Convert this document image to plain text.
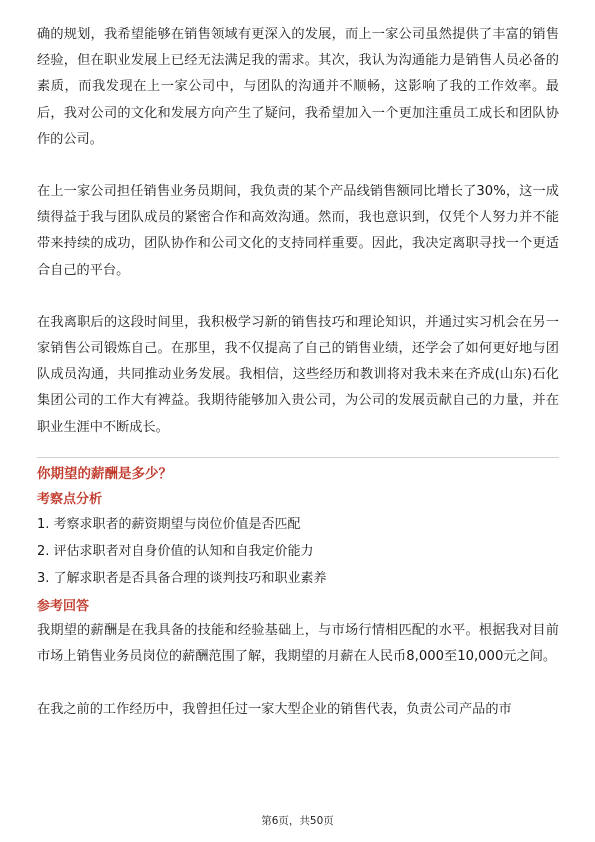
确的规划，我希望能够在销售领域有更深入的发展，而上一家公司虽然提供了丰富的销售经验，但在职业发展上已经无法满足我的需求。其次，我认为沟通能力是销售人员必备的素质，而我发现在上一家公司中，与团队的沟通并不顺畅，这影响了我的工作效率。最后，我对公司的文化和发展方向产生了疑问，我希望加入一个更加注重员工成长和团队协作的公司。

在上一家公司担任销售业务员期间，我负责的某个产品线销售额同比增长了30%，这一成绩得益于我与团队成员的紧密合作和高效沟通。然而，我也意识到，仅凭个人努力并不能带来持续的成功，团队协作和公司文化的支持同样重要。因此，我决定离职寻找一个更适合自己的平台。

在我离职后的这段时间里，我积极学习新的销售技巧和理论知识，并通过实习机会在另一家销售公司锻炼自己。在那里，我不仅提高了自己的销售业绩，还学会了如何更好地与团队成员沟通，共同推动业务发展。我相信，这些经历和教训将对我未来在齐成(山东)石化集团公司的工作大有裨益。我期待能够加入贵公司，为公司的发展贡献自己的力量，并在职业生涯中不断成长。

你期望的薪酬是多少？

考察点分析

1. 考察求职者的薪资期望与岗位价值是否匹配

2. 评估求职者对自身价值的认知和自我定价能力

3. 了解求职者是否具备合理的谈判技巧和职业素养

参考回答

我期望的薪酬是在我具备的技能和经验基础上，与市场行情相匹配的水平。根据我对目前市场上销售业务员岗位的薪酬范围了解，我期望的月薪在人民币8,000至10,000元之间。

在我之前的工作经历中，我曾担任过一家大型企业的销售代表，负责公司产品的市

第6页，共50页
